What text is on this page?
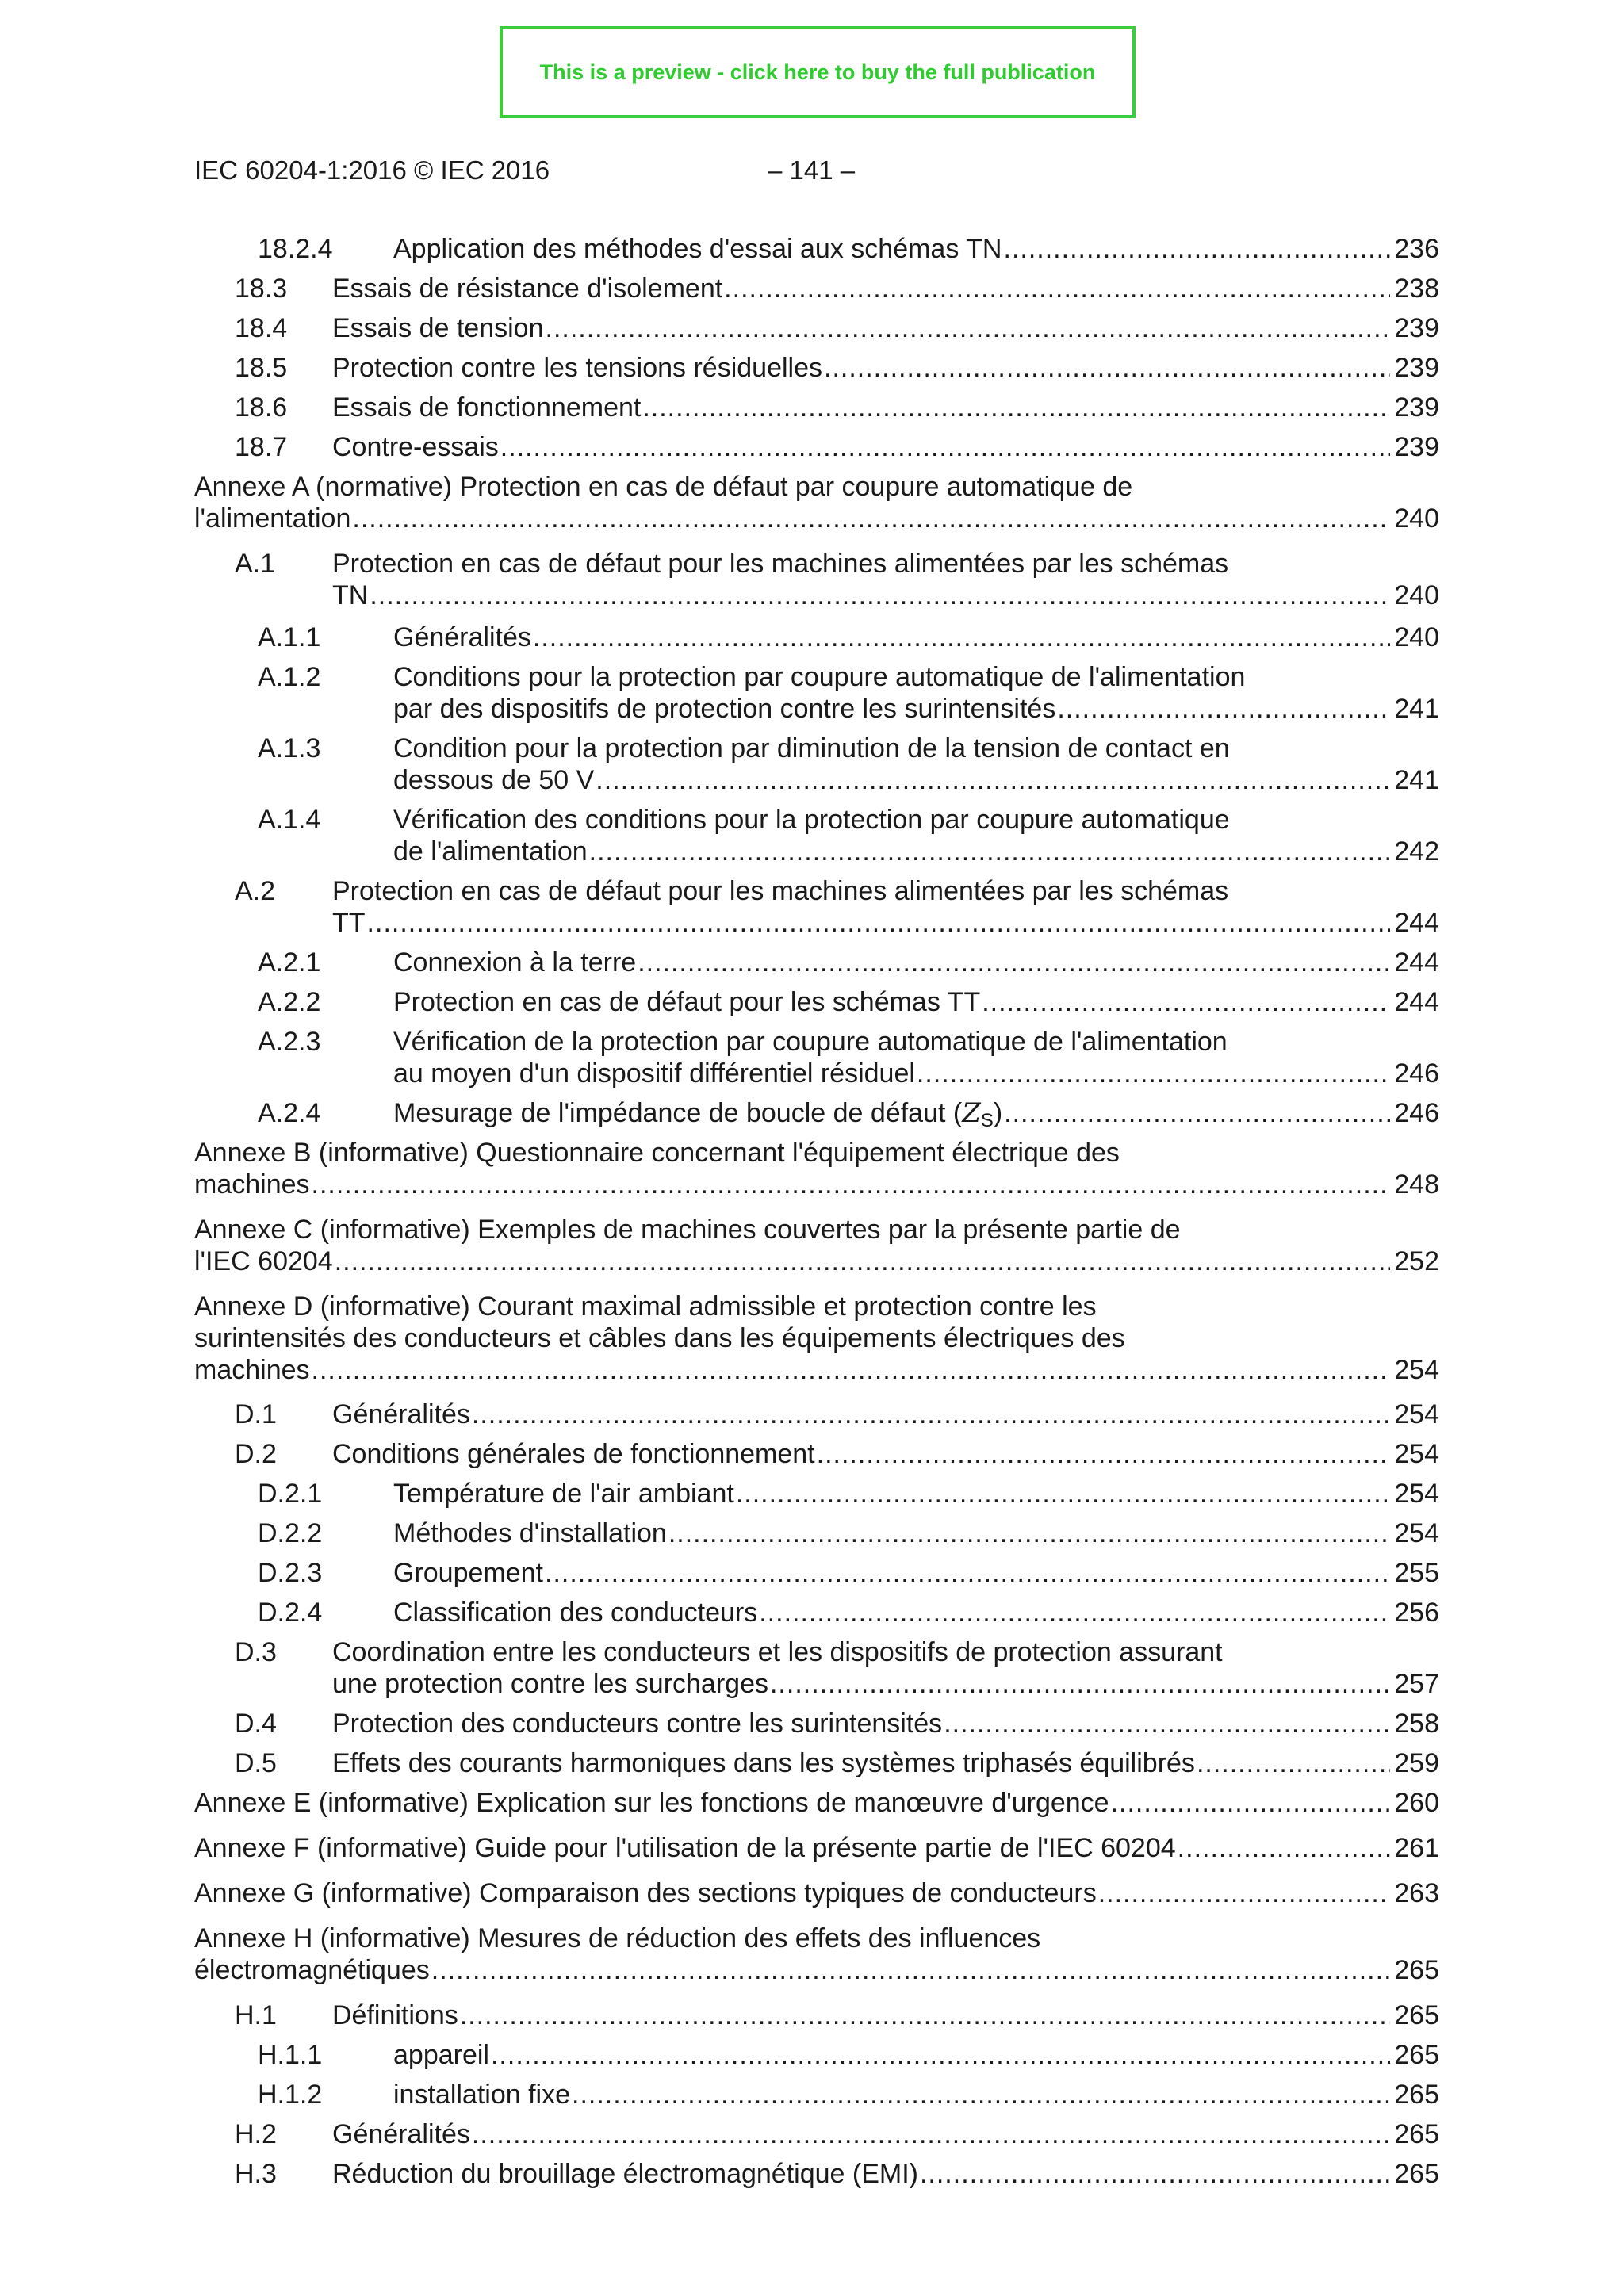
This is a preview - click here to buy the full publication
IEC 60204-1:2016 © IEC 2016	– 141 –
18.2.4 Application des méthodes d'essai aux schémas TN .....	236
18.3 Essais de résistance d'isolement .....	238
18.4 Essais de tension .....	239
18.5 Protection contre les tensions résiduelles .....	239
18.6 Essais de fonctionnement .....	239
18.7 Contre-essais .....	239
Annexe A (normative) Protection en cas de défaut par coupure automatique de
l'alimentation .....	240
A.1 Protection en cas de défaut pour les machines alimentées par les schémas
TN .....	240
A.1.1	Généralités .....	240
A.1.2	Conditions pour la protection par coupure automatique de l'alimentation
par des dispositifs de protection contre les surintensités .....	241
A.1.3	Condition pour la protection par diminution de la tension de contact en
dessous de 50 V .....	241
A.1.4	Vérification des conditions pour la protection par coupure automatique
de l'alimentation .....	242
A.2 Protection en cas de défaut pour les machines alimentées par les schémas
TT .....	244
A.2.1	Connexion à la terre .....	244
A.2.2	Protection en cas de défaut pour les schémas TT .....	244
A.2.3	Vérification de la protection par coupure automatique de l'alimentation
au moyen d'un dispositif différentiel résiduel .....	246
A.2.4	Mesurage de l'impédance de boucle de défaut $(Z_S)$ .....	246
Annexe B (informative) Questionnaire concernant l'équipement électrique des
machines .....	248
Annexe C (informative) Exemples de machines couvertes par la présente partie de
l'IEC 60204 .....	252
Annexe D (informative) Courant maximal admissible et protection contre les
surintensités des conducteurs et câbles dans les équipements électriques des
machines .....	254
D.1 Généralités .....	254
D.2 Conditions générales de fonctionnement .....	254
D.2.1	Température de l'air ambiant .....	254
D.2.2	Méthodes d'installation .....	254
D.2.3	Groupement .....	255
D.2.4	Classification des conducteurs .....	256
D.3 Coordination entre les conducteurs et les dispositifs de protection assurant
une protection contre les surcharges .....	257
D.4 Protection des conducteurs contre les surintensités .....	258
D.5 Effets des courants harmoniques dans les systèmes triphasés équilibrés .....	259
Annexe E (informative) Explication sur les fonctions de manœuvre d'urgence .....	260
Annexe F (informative) Guide pour l'utilisation de la présente partie de l'IEC 60204 .....	261
Annexe G (informative) Comparaison des sections typiques de conducteurs .....	263
Annexe H (informative) Mesures de réduction des effets des influences
électromagnétiques .....	265
H.1 Définitions .....	265
H.1.1	appareil .....	265
H.1.2	installation fixe .....	265
H.2 Généralités .....	265
H.3 Réduction du brouillage électromagnétique (EMI) .....	265
